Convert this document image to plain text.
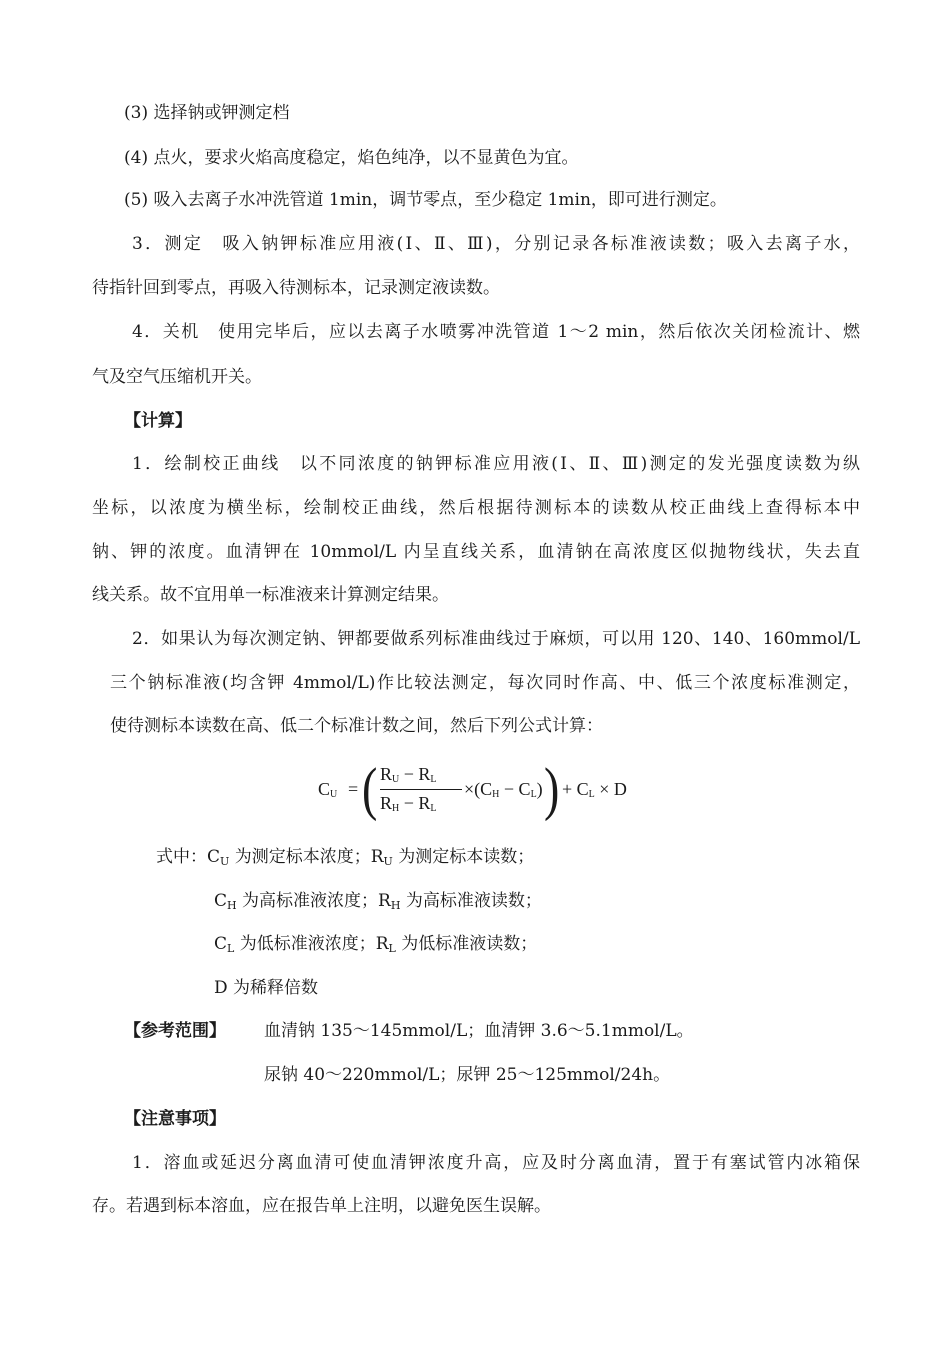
(3) 选择钠或钾测定档
(4) 点火，要求火焰高度稳定，焰色纯净，以不显黄色为宜。
(5) 吸入去离子水冲洗管道 1min，调节零点，至少稳定 1min，即可进行测定。
3．测定　吸入钠钾标准应用液(Ⅰ、Ⅱ、Ⅲ)，分别记录各标准液读数；吸入去离子水，
待指针回到零点，再吸入待测标本，记录测定液读数。
4．关机　使用完毕后，应以去离子水喷雾冲洗管道 1～2 min，然后依次关闭检流计、燃
气及空气压缩机开关。
【计算】
1．绘制校正曲线　以不同浓度的钠钾标准应用液(Ⅰ、Ⅱ、Ⅲ)测定的发光强度读数为纵
坐标，以浓度为横坐标，绘制校正曲线，然后根据待测标本的读数从校正曲线上查得标本中
钠、钾的浓度。血清钾在 10mmol/L 内呈直线关系，血清钠在高浓度区似抛物线状，失去直
线关系。故不宜用单一标准液来计算测定结果。
2．如果认为每次测定钠、钾都要做系列标准曲线过于麻烦，可以用 120、140、160mmol/L
三个钠标准液(均含钾 4mmol/L)作比较法测定，每次同时作高、中、低三个浓度标准测定，
使待测标本读数在高、低二个标准计数之间，然后下列公式计算：
$C_U$ = ( $R_U - R_L$
$R_H - R_L$
$\times(C_H - C_L)$ ) + $C_L \times D$
式中：$C_U$ 为测定标本浓度；$R_U$ 为测定标本读数；
$C_H$ 为高标准液浓度；$R_H$ 为高标准液读数；
$C_L$ 为低标准液浓度；$R_L$ 为低标准液读数；
D 为稀释倍数
【参考范围】 血清钠 135～145mmol/L；血清钾 3.6～5.1mmol/L。
尿钠 40～220mmol/L；尿钾 25～125mmol/24h。
【注意事项】
1．溶血或延迟分离血清可使血清钾浓度升高，应及时分离血清，置于有塞试管内冰箱保
存。若遇到标本溶血，应在报告单上注明，以避免医生误解。
